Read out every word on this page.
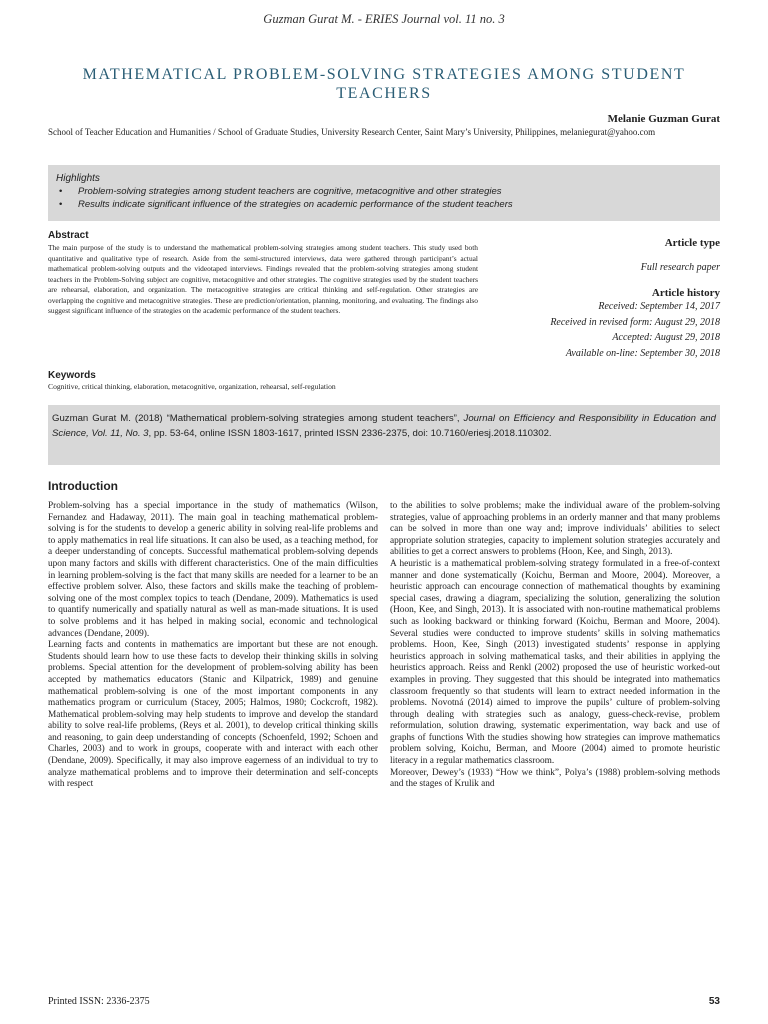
Guzman Gurat M. - ERIES Journal vol. 11 no. 3
MATHEMATICAL PROBLEM-SOLVING STRATEGIES AMONG STUDENT TEACHERS
Melanie Guzman Gurat
School of Teacher Education and Humanities / School of Graduate Studies, University Research Center, Saint Mary’s University, Philippines, melaniegurat@yahoo.com
Highlights
• Problem-solving strategies among student teachers are cognitive, metacognitive and other strategies
• Results indicate significant influence of the strategies on academic performance of the student teachers
Abstract
The main purpose of the study is to understand the mathematical problem-solving strategies among student teachers. This study used both quantitative and qualitative type of research. Aside from the semi-structured interviews, data were gathered through participant’s actual mathematical problem-solving outputs and the videotaped interviews. Findings revealed that the problem-solving strategies among student teachers in the Problem-Solving subject are cognitive, metacognitive and other strategies. The cognitive strategies used by the student teachers are rehearsal, elaboration, and organization. The metacognitive strategies are critical thinking and self-regulation. Other strategies are overlapping the cognitive and metacognitive strategies. These are prediction/orientation, planning, monitoring, and evaluating. The findings also suggest significant influence of the strategies on the academic performance of the student teachers.
Keywords
Cognitive, critical thinking, elaboration, metacognitive, organization, rehearsal, self-regulation
Article type
Full research paper
Article history
Received: September 14, 2017
Received in revised form: August 29, 2018
Accepted: August 29, 2018
Available on-line: September 30, 2018
Guzman Gurat M. (2018) “Mathematical problem-solving strategies among student teachers”, Journal on Efficiency and Responsibility in Education and Science, Vol. 11, No. 3, pp. 53-64, online ISSN 1803-1617, printed ISSN 2336-2375, doi: 10.7160/eriesj.2018.110302.
Introduction

Problem-solving has a special importance in the study of mathematics (Wilson, Fernandez and Hadaway, 2011). The main goal in teaching mathematical problem-solving is for the students to develop a generic ability in solving real-life problems and to apply mathematics in real life situations. It can also be used, as a teaching method, for a deeper understanding of concepts. Successful mathematical problem-solving depends upon many factors and skills with different characteristics. One of the main difficulties in learning problem-solving is the fact that many skills are needed for a learner to be an effective problem solver. Also, these factors and skills make the teaching of problem-solving one of the most complex topics to teach (Dendane, 2009). Mathematics is used to quantify numerically and spatially natural as well as man-made situations. It is used to solve problems and it has helped in making social, economic and technological advances (Dendane, 2009).

Learning facts and contents in mathematics are important but these are not enough. Students should learn how to use these facts to develop their thinking skills in solving problems. Special attention for the development of problem-solving ability has been accepted by mathematics educators (Stanic and Kilpatrick, 1989) and genuine mathematical problem-solving is one of the most important components in any mathematics program or curriculum (Stacey, 2005; Halmos, 1980; Cockcroft, 1982). Mathematical problem-solving may help students to improve and develop the standard ability to solve real-life problems, (Reys et al. 2001), to develop critical thinking skills and reasoning, to gain deep understanding of concepts (Schoenfeld, 1992; Schoen and Charles, 2003) and to work in groups, cooperate with and interact with each other (Dendane, 2009). Specifically, it may also improve eagerness of an individual to try to analyze mathematical problems and to improve their determination and self-concepts with respect

to the abilities to solve problems; make the individual aware of the problem-solving strategies, value of approaching problems in an orderly manner and that many problems can be solved in more than one way and; improve individuals’ abilities to select appropriate solution strategies, capacity to implement solution strategies accurately and abilities to get a correct answers to problems (Hoon, Kee, and Singh, 2013).

A heuristic is a mathematical problem-solving strategy formulated in a free-of-context manner and done systematically (Koichu, Berman and Moore, 2004). Moreover, a heuristic approach can encourage connection of mathematical thoughts by examining special cases, drawing a diagram, specializing the solution, generalizing the solution (Hoon, Kee, and Singh, 2013). It is associated with non-routine mathematical problems such as looking backward or thinking forward (Koichu, Berman and Moore, 2004). Several studies were conducted to improve students’ skills in solving mathematics problems. Hoon, Kee, Singh (2013) investigated students’ response in applying heuristics approach in solving mathematical tasks, and their abilities in applying the heuristics approach. Reiss and Renkl (2002) proposed the use of heuristic worked-out examples in proving. They suggested that this should be integrated into mathematics classroom frequently so that students will learn to extract needed information in the problems. Novotná (2014) aimed to improve the pupils’ culture of problem-solving through dealing with strategies such as analogy, guess-check-revise, problem reformulation, solution drawing, systematic experimentation, way back and use of graphs of functions With the studies showing how strategies can improve mathematics problem solving, Koichu, Berman, and Moore (2004) aimed to promote heuristic literacy in a regular mathematics classroom.

Moreover, Dewey’s (1933) “How we think”, Polya’s (1988) problem-solving methods and the stages of Krulik and

Printed ISSN: 2336-2375	53
